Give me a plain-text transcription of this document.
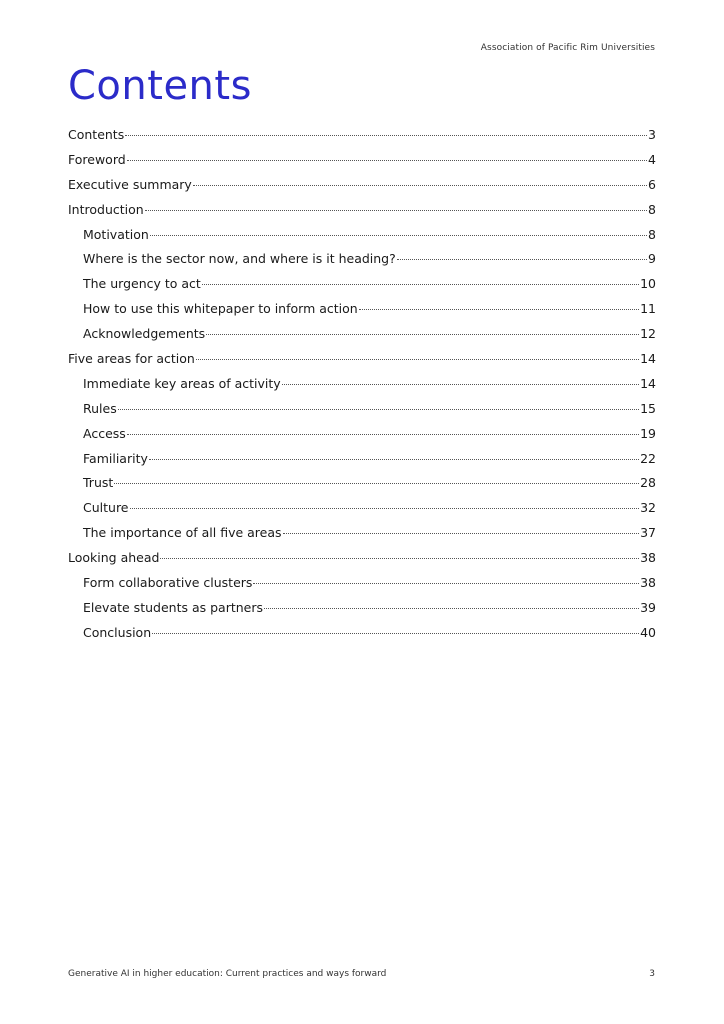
Association of Pacific Rim Universities
Contents
Contents	3
Foreword	4
Executive summary	6
Introduction	8
Motivation	8
Where is the sector now, and where is it heading?	9
The urgency to act	10
How to use this whitepaper to inform action	11
Acknowledgements	12
Five areas for action	14
Immediate key areas of activity	14
Rules	15
Access	19
Familiarity	22
Trust	28
Culture	32
The importance of all five areas	37
Looking ahead	38
Form collaborative clusters	38
Elevate students as partners	39
Conclusion	40
Generative AI in higher education: Current practices and ways forward	3
